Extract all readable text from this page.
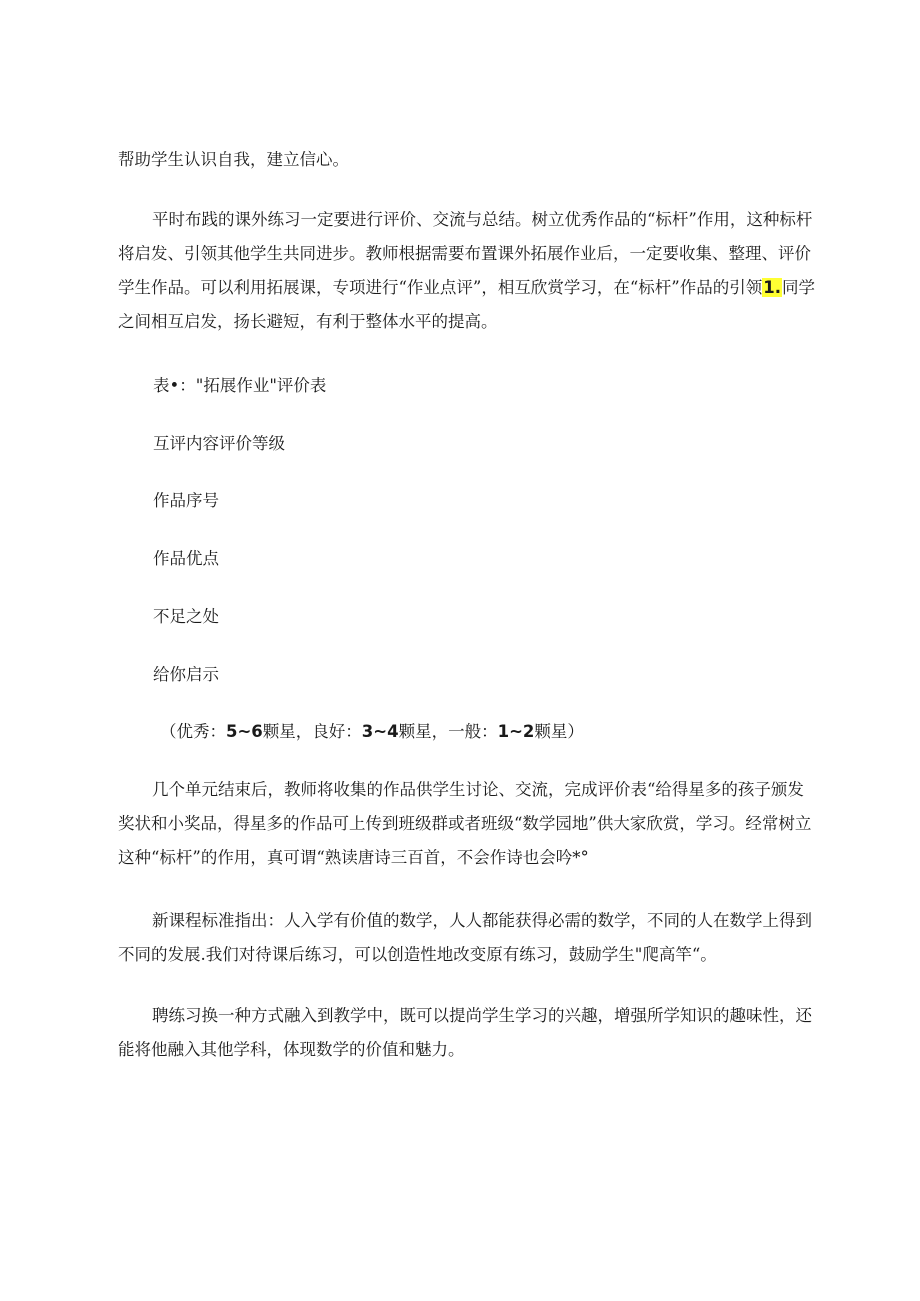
帮助学生认识自我，建立信心。

平时布践的课外练习一定要进行评价、交流与总结。树立优秀作品的“标杆”作用，这种标杆将启发、引领其他学生共同进步。教师根据需要布置课外拓展作业后，一定要收集、整理、评价学生作品。可以利用拓展课，专项进行“作业点评”，相互欣赏学习，在“标杆”作品的引领1.同学之间相互启发，扬长避短，有利于整体水平的提高。

表•："拓展作业"评价表

互评内容评价等级

作品序号

作品优点

不足之处

给你启示

（优秀：5~6颗星，良好：3~4颗星，一般：1~2颗星）

几个单元结束后，教师将收集的作品供学生讨论、交流，完成评价表“给得星多的孩子颁发奖状和小奖品，得星多的作品可上传到班级群或者班级“数学园地”供大家欣赏，学习。经常树立这种“标杆”的作用，真可谓“熟读唐诗三百首，不会作诗也会吟*°

新课程标准指出：人入学有价值的数学，人人都能获得必需的数学，不同的人在数学上得到不同的发展.我们对待课后练习，可以创造性地改变原有练习，鼓励学生"爬高竿“。

聘练习换一种方式融入到教学中，既可以提尚学生学习的兴趣，增强所学知识的趣味性，还能将他融入其他学科，体现数学的价值和魅力。
